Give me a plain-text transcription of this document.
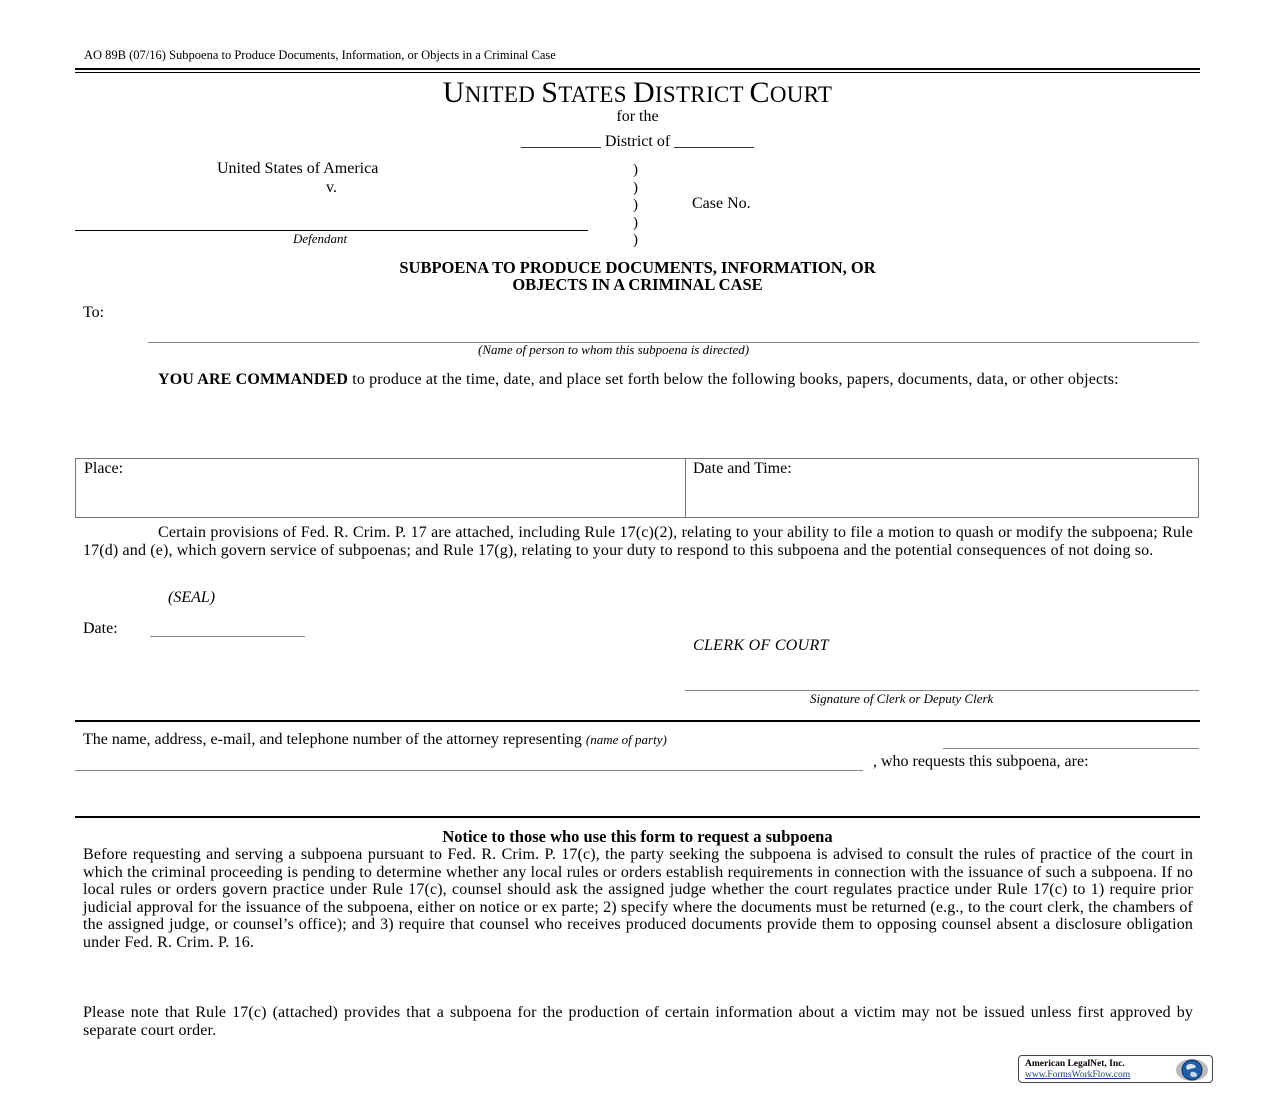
AO 89B (07/16) Subpoena to Produce Documents, Information, or Objects in a Criminal Case
UNITED STATES DISTRICT COURT
for the
__________ District of __________
United States of America
v.
Defendant
)
)
)
)
)
Case No.
SUBPOENA TO PRODUCE DOCUMENTS, INFORMATION, OR
OBJECTS IN A CRIMINAL CASE
To:
(Name of person to whom this subpoena is directed)
YOU ARE COMMANDED to produce at the time, date, and place set forth below the following books, papers, documents, data, or other objects:
Place:	Date and Time:
Certain provisions of Fed. R. Crim. P. 17 are attached, including Rule 17(c)(2), relating to your ability to file a motion to quash or modify the subpoena; Rule 17(d) and (e), which govern service of subpoenas; and Rule 17(g), relating to your duty to respond to this subpoena and the potential consequences of not doing so.
(SEAL)
Date:
CLERK OF COURT
Signature of Clerk or Deputy Clerk
The name, address, e-mail, and telephone number of the attorney representing (name of party)
, who requests this subpoena, are:
Notice to those who use this form to request a subpoena
Before requesting and serving a subpoena pursuant to Fed. R. Crim. P. 17(c), the party seeking the subpoena is advised to consult the rules of practice of the court in which the criminal proceeding is pending to determine whether any local rules or orders establish requirements in connection with the issuance of such a subpoena. If no local rules or orders govern practice under Rule 17(c), counsel should ask the assigned judge whether the court regulates practice under Rule 17(c) to 1) require prior judicial approval for the issuance of the subpoena, either on notice or ex parte; 2) specify where the documents must be returned (e.g., to the court clerk, the chambers of the assigned judge, or counsel’s office); and 3) require that counsel who receives produced documents provide them to opposing counsel absent a disclosure obligation under Fed. R. Crim. P. 16.
Please note that Rule 17(c) (attached) provides that a subpoena for the production of certain information about a victim may not be issued unless first approved by separate court order.
American LegalNet, Inc.
www.FormsWorkFlow.com
